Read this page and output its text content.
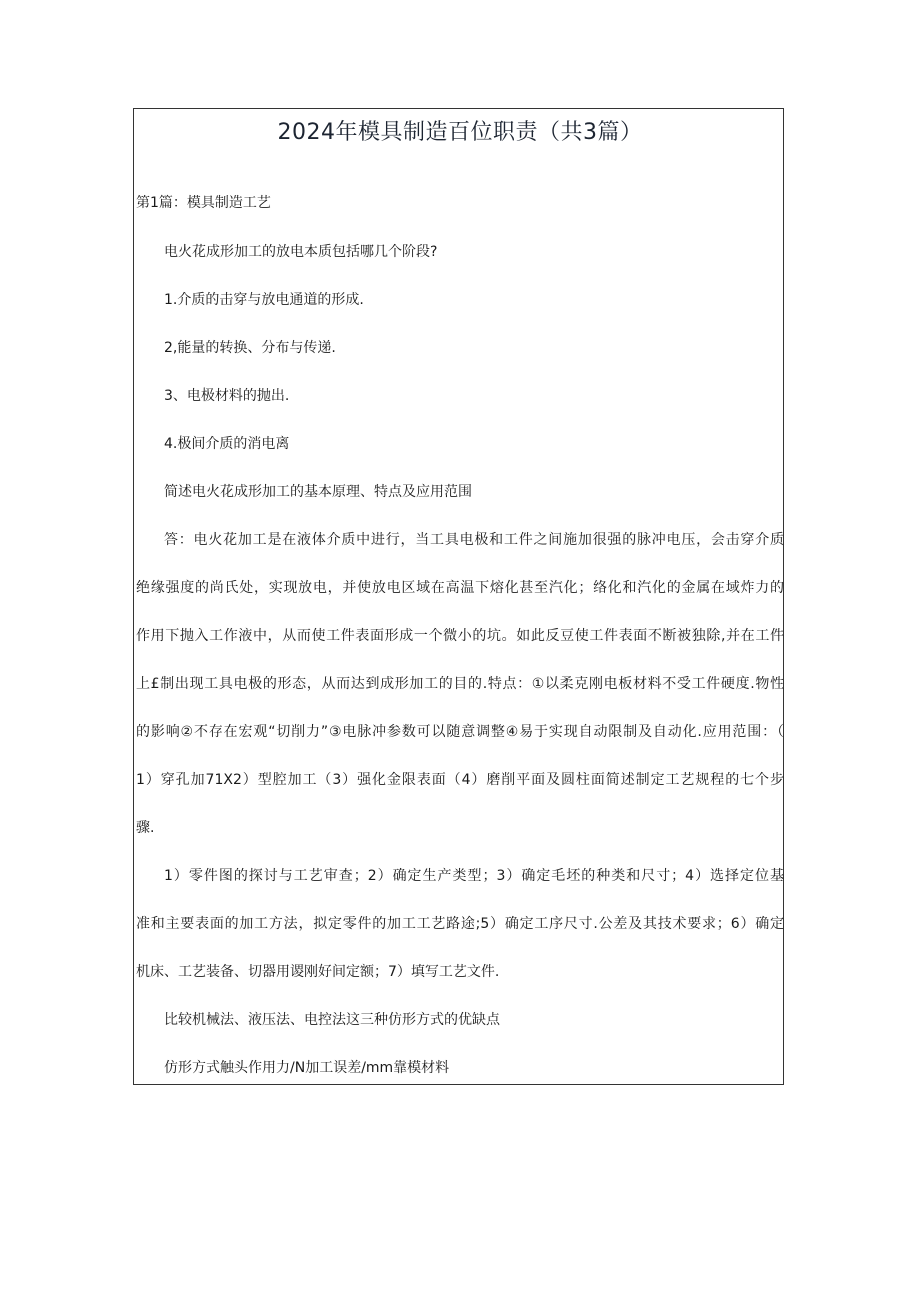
2024年模具制造百位职责（共3篇）
第1篇：模具制造工艺

电火花成形加工的放电本质包括哪几个阶段?

1.介质的击穿与放电通道的形成.

2,能量的转换、分布与传递.

3、电极材料的抛出.

4.极间介质的消电离

简述电火花成形加工的基本原理、特点及应用范围

答：电火花加工是在液体介质中进行，当工具电极和工件之间施加很强的脉冲电压，会击穿介质

绝缘强度的尚氏处，实现放电，并使放电区域在高温下熔化甚至汽化；络化和汽化的金属在域炸力的

作用下抛入工作液中，从而使工件表面形成一个微小的坑。如此反豆使工件表面不断被独除,并在工件

上£制出现工具电极的形态，从而达到成形加工的目的.特点：①以柔克刚电板材料不受工件硬度.物性

的影响②不存在宏观“切削力”③电脉冲参数可以随意调整④易于实现自动限制及自动化.应用范围：（

1）穿孔加71X2）型腔加工（3）强化金限表面（4）磨削平面及圆柱面简述制定工艺规程的七个步

骤.

1）零件图的探讨与工艺审查；2）确定生产类型；3）确定毛坯的种类和尺寸；4）选择定位基

准和主要表面的加工方法，拟定零件的加工工艺路途;5）确定工序尺寸.公差及其技术要求；6）确定

机床、工艺装备、切器用谡刚好间定额；7）填写工艺文件.

比较机械法、液压法、电控法这三种仿形方式的优缺点

仿形方式触头作用力/N加工误差/mm靠模材料
